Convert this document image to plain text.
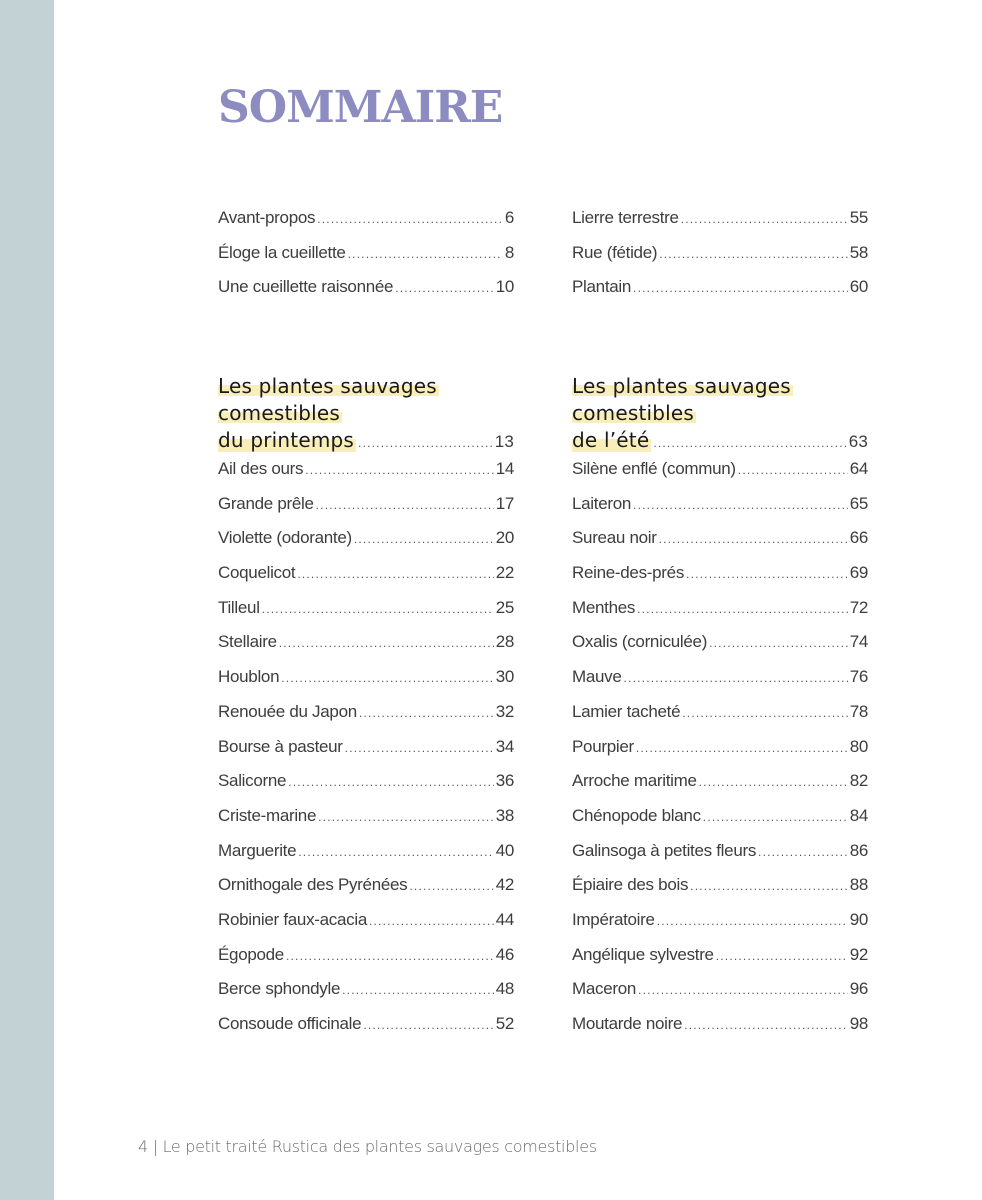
SOMMAIRE
Avant-propos .....	6
Éloge la cueillette .....	8
Une cueillette raisonnée .....	10
Lierre terrestre .....	55
Rue (fétide) .....	58
Plantain .....	60
Les plantes sauvages
comestibles
du printemps .....	13
Ail des ours .....	14
Grande prêle .....	17
Violette (odorante) .....	20
Coquelicot .....	22
Tilleul .....	25
Stellaire .....	28
Houblon .....	30
Renouée du Japon .....	32
Bourse à pasteur .....	34
Salicorne .....	36
Criste-marine .....	38
Marguerite .....	40
Ornithogale des Pyrénées .....	42
Robinier faux-acacia .....	44
Égopode .....	46
Berce sphondyle .....	48
Consoude officinale .....	52
Les plantes sauvages
comestibles
de l’été .....	63
Silène enflé (commun) .....	64
Laiteron .....	65
Sureau noir .....	66
Reine-des-prés .....	69
Menthes .....	72
Oxalis (corniculée) .....	74
Mauve .....	76
Lamier tacheté .....	78
Pourpier .....	80
Arroche maritime .....	82
Chénopode blanc .....	84
Galinsoga à petites fleurs .....	86
Épiaire des bois .....	88
Impératoire .....	90
Angélique sylvestre .....	92
Maceron .....	96
Moutarde noire .....	98
4 | Le petit traité Rustica des plantes sauvages comestibles
